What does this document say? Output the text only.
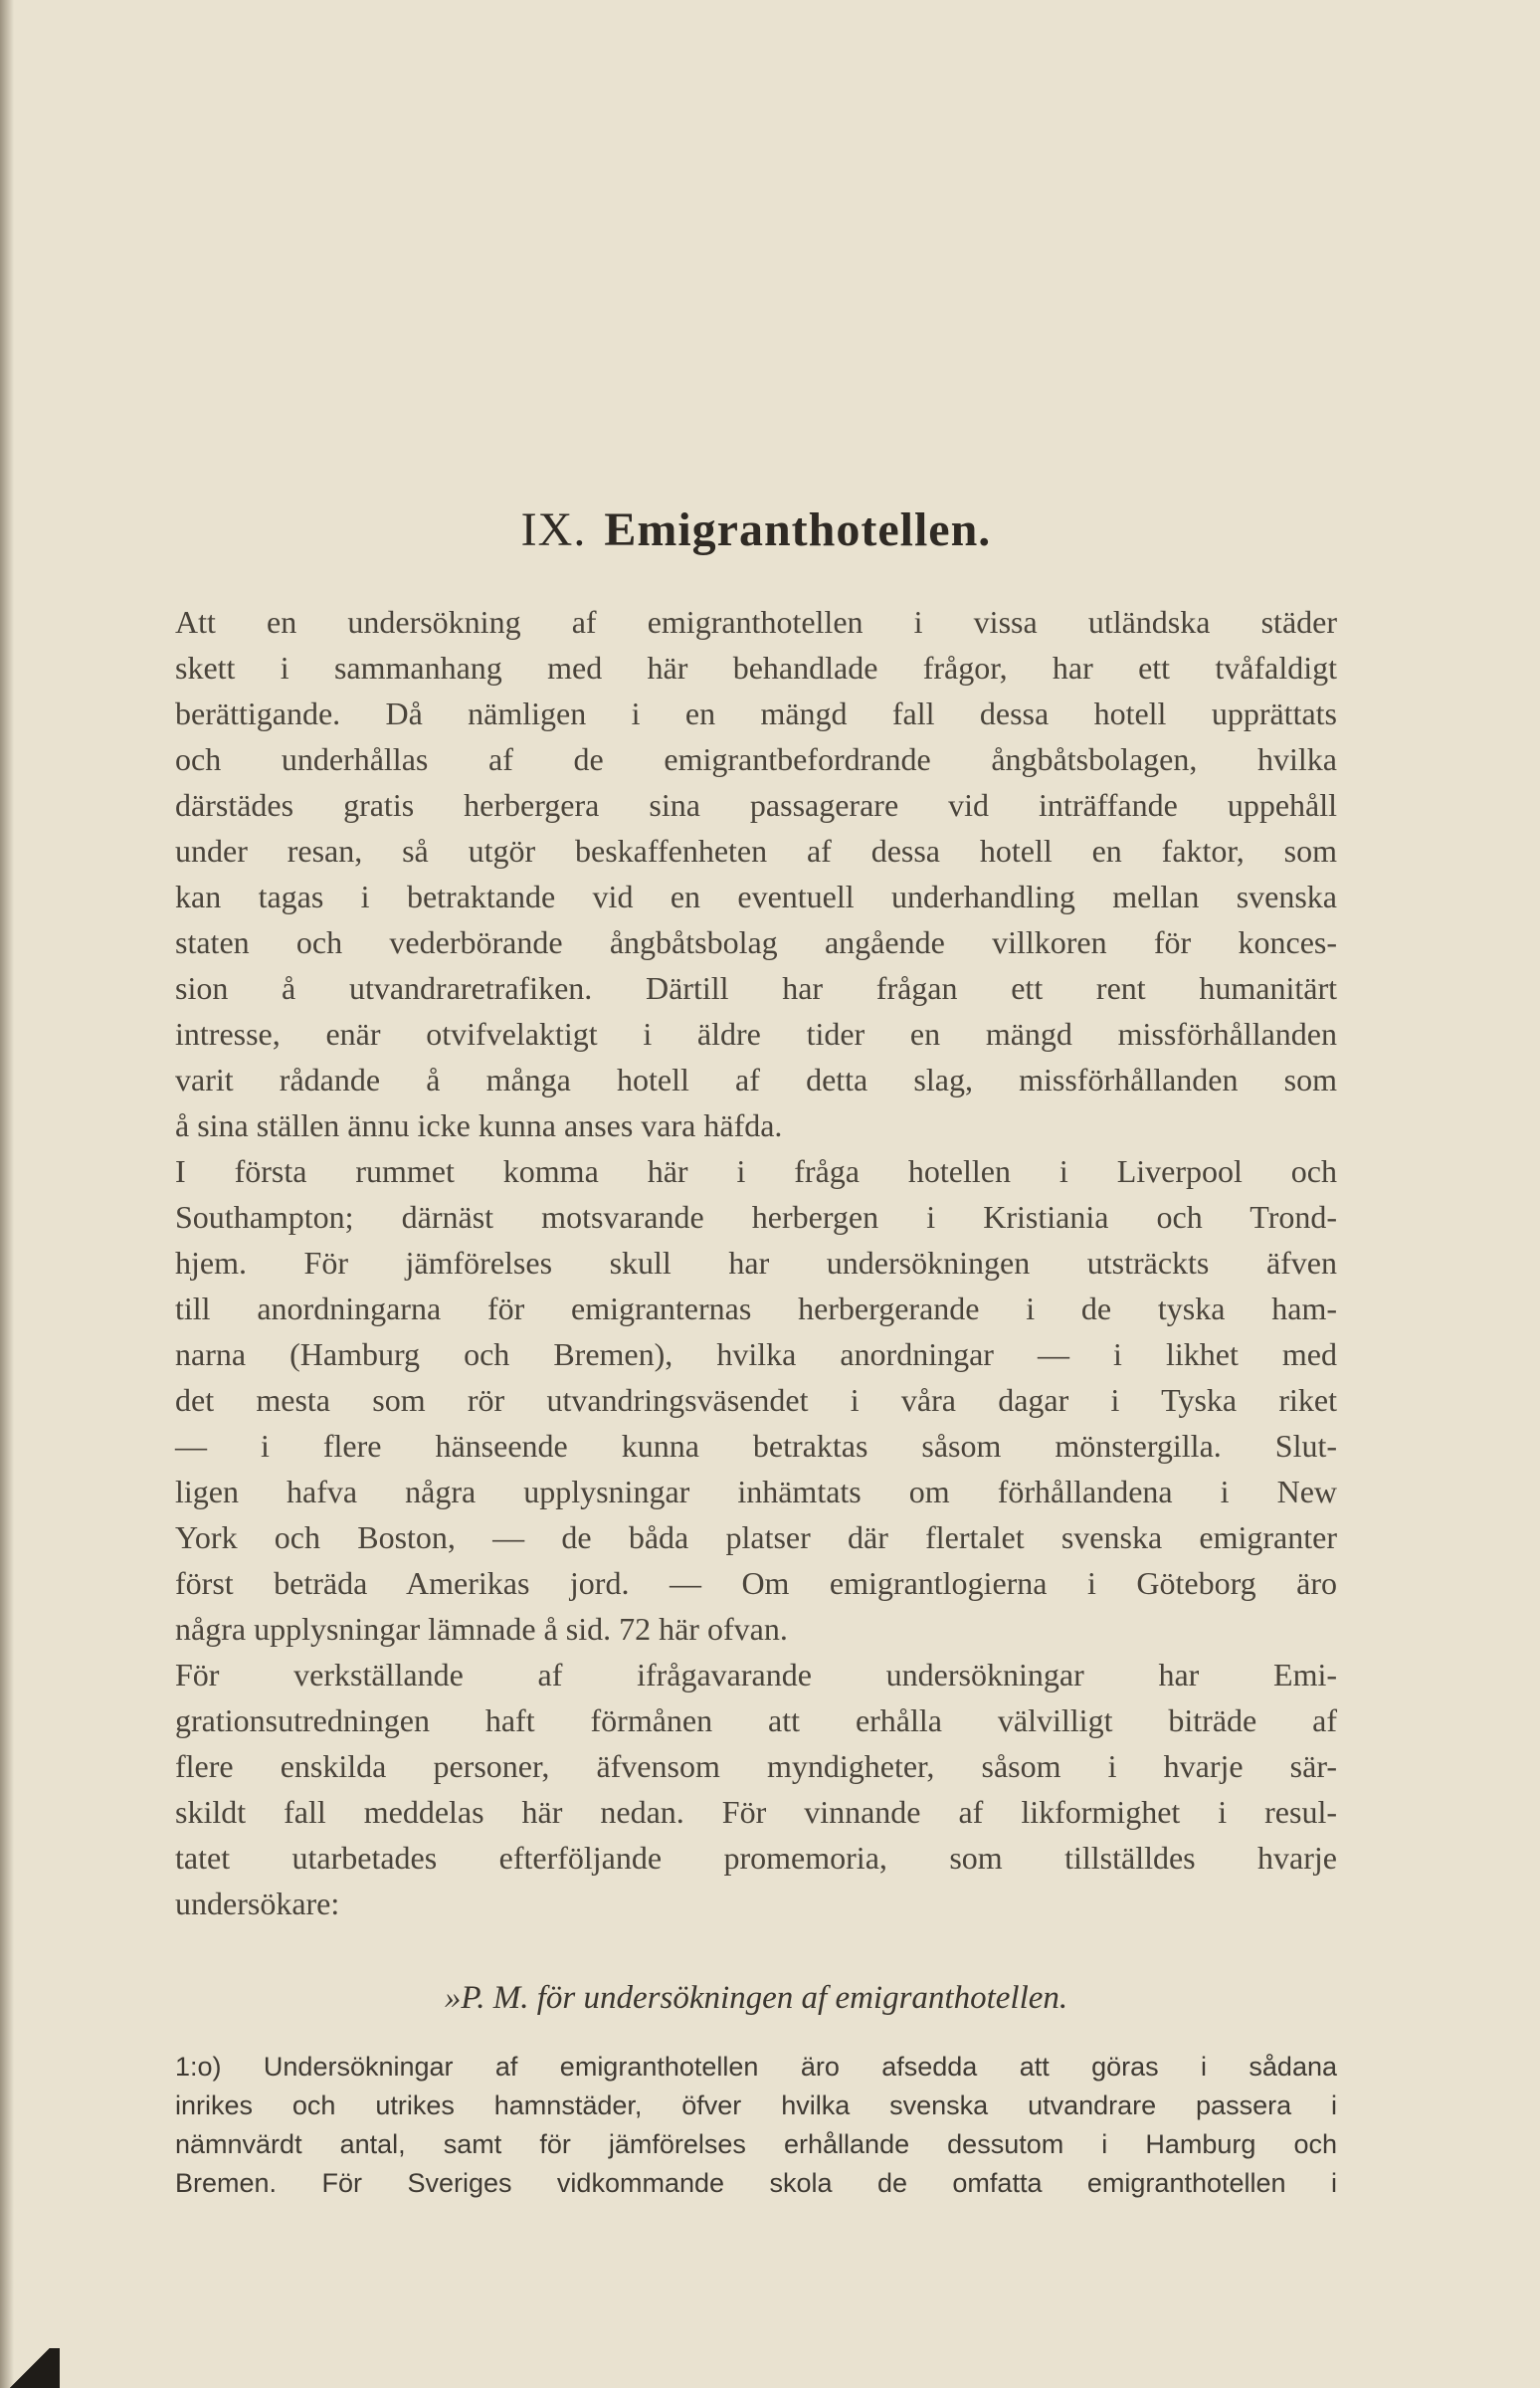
IX. Emigranthotellen.
Att en undersökning af emigranthotellen i vissa utländska städer
skett i sammanhang med här behandlade frågor, har ett tvåfaldigt
berättigande. Då nämligen i en mängd fall dessa hotell upprättats
och underhållas af de emigrantbefordrande ångbåtsbolagen, hvilka
därstädes gratis herbergera sina passagerare vid inträffande uppehåll
under resan, så utgör beskaffenheten af dessa hotell en faktor, som
kan tagas i betraktande vid en eventuell underhandling mellan svenska
staten och vederbörande ångbåtsbolag angående villkoren för konces-
sion å utvandraretrafiken. Därtill har frågan ett rent humanitärt
intresse, enär otvifvelaktigt i äldre tider en mängd missförhållanden
varit rådande å många hotell af detta slag, missförhållanden som
å sina ställen ännu icke kunna anses vara häfda.
I första rummet komma här i fråga hotellen i Liverpool och
Southampton; därnäst motsvarande herbergen i Kristiania och Trond-
hjem. För jämförelses skull har undersökningen utsträckts äfven
till anordningarna för emigranternas herbergerande i de tyska ham-
narna (Hamburg och Bremen), hvilka anordningar — i likhet med
det mesta som rör utvandringsväsendet i våra dagar i Tyska riket
— i flere hänseende kunna betraktas såsom mönstergilla. Slut-
ligen hafva några upplysningar inhämtats om förhållandena i New
York och Boston, — de båda platser där flertalet svenska emigranter
först beträda Amerikas jord. — Om emigrantlogierna i Göteborg äro
några upplysningar lämnade å sid. 72 här ofvan.
För verkställande af ifrågavarande undersökningar har Emi-
grationsutredningen haft förmånen att erhålla välvilligt biträde af
flere enskilda personer, äfvensom myndigheter, såsom i hvarje sär-
skildt fall meddelas här nedan. För vinnande af likformighet i resul-
tatet utarbetades efterföljande promemoria, som tillställdes hvarje
undersökare:
»P. M. för undersökningen af emigranthotellen.
1:o) Undersökningar af emigranthotellen äro afsedda att göras i sådana
inrikes och utrikes hamnstäder, öfver hvilka svenska utvandrare passera i
nämnvärdt antal, samt för jämförelses erhållande dessutom i Hamburg och
Bremen. För Sveriges vidkommande skola de omfatta emigranthotellen i
